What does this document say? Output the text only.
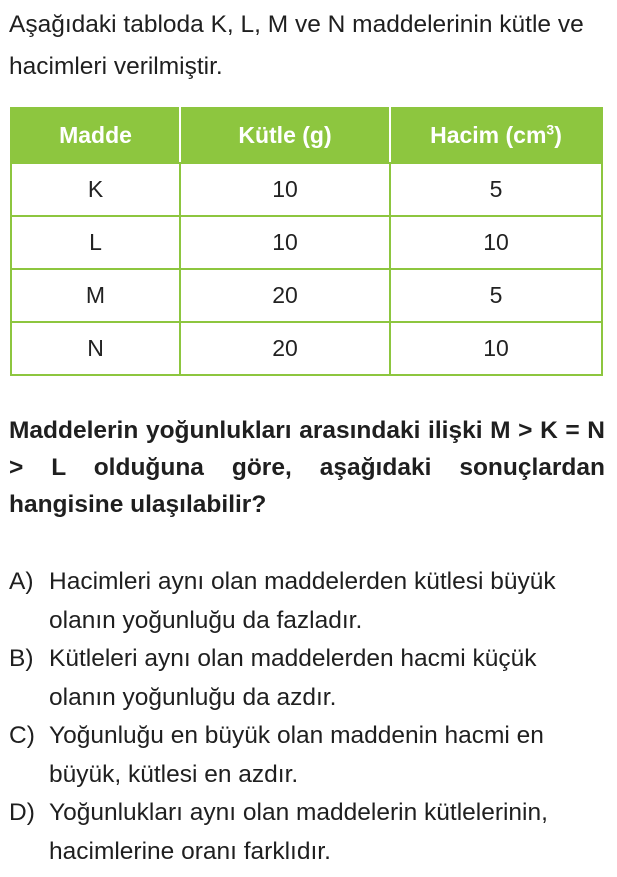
Aşağıdaki tabloda K, L, M ve N maddelerinin kütle ve hacimleri verilmiştir.

Madde	Kütle (g)	Hacim $(cm^3)$
K	10	5
L	10	10
M	20	5
N	20	10

Maddelerin yoğunlukları arasındaki ilişki M > K = N > L olduğuna göre, aşağıdaki sonuçlardan hangisine ulaşılabilir?

A) Hacimleri aynı olan maddelerden kütlesi büyük olanın yoğunluğu da fazladır.
B) Kütleleri aynı olan maddelerden hacmi küçük olanın yoğunluğu da azdır.
C) Yoğunluğu en büyük olan maddenin hacmi en büyük, kütlesi en azdır.
D) Yoğunlukları aynı olan maddelerin kütlelerinin, hacimlerine oranı farklıdır.
